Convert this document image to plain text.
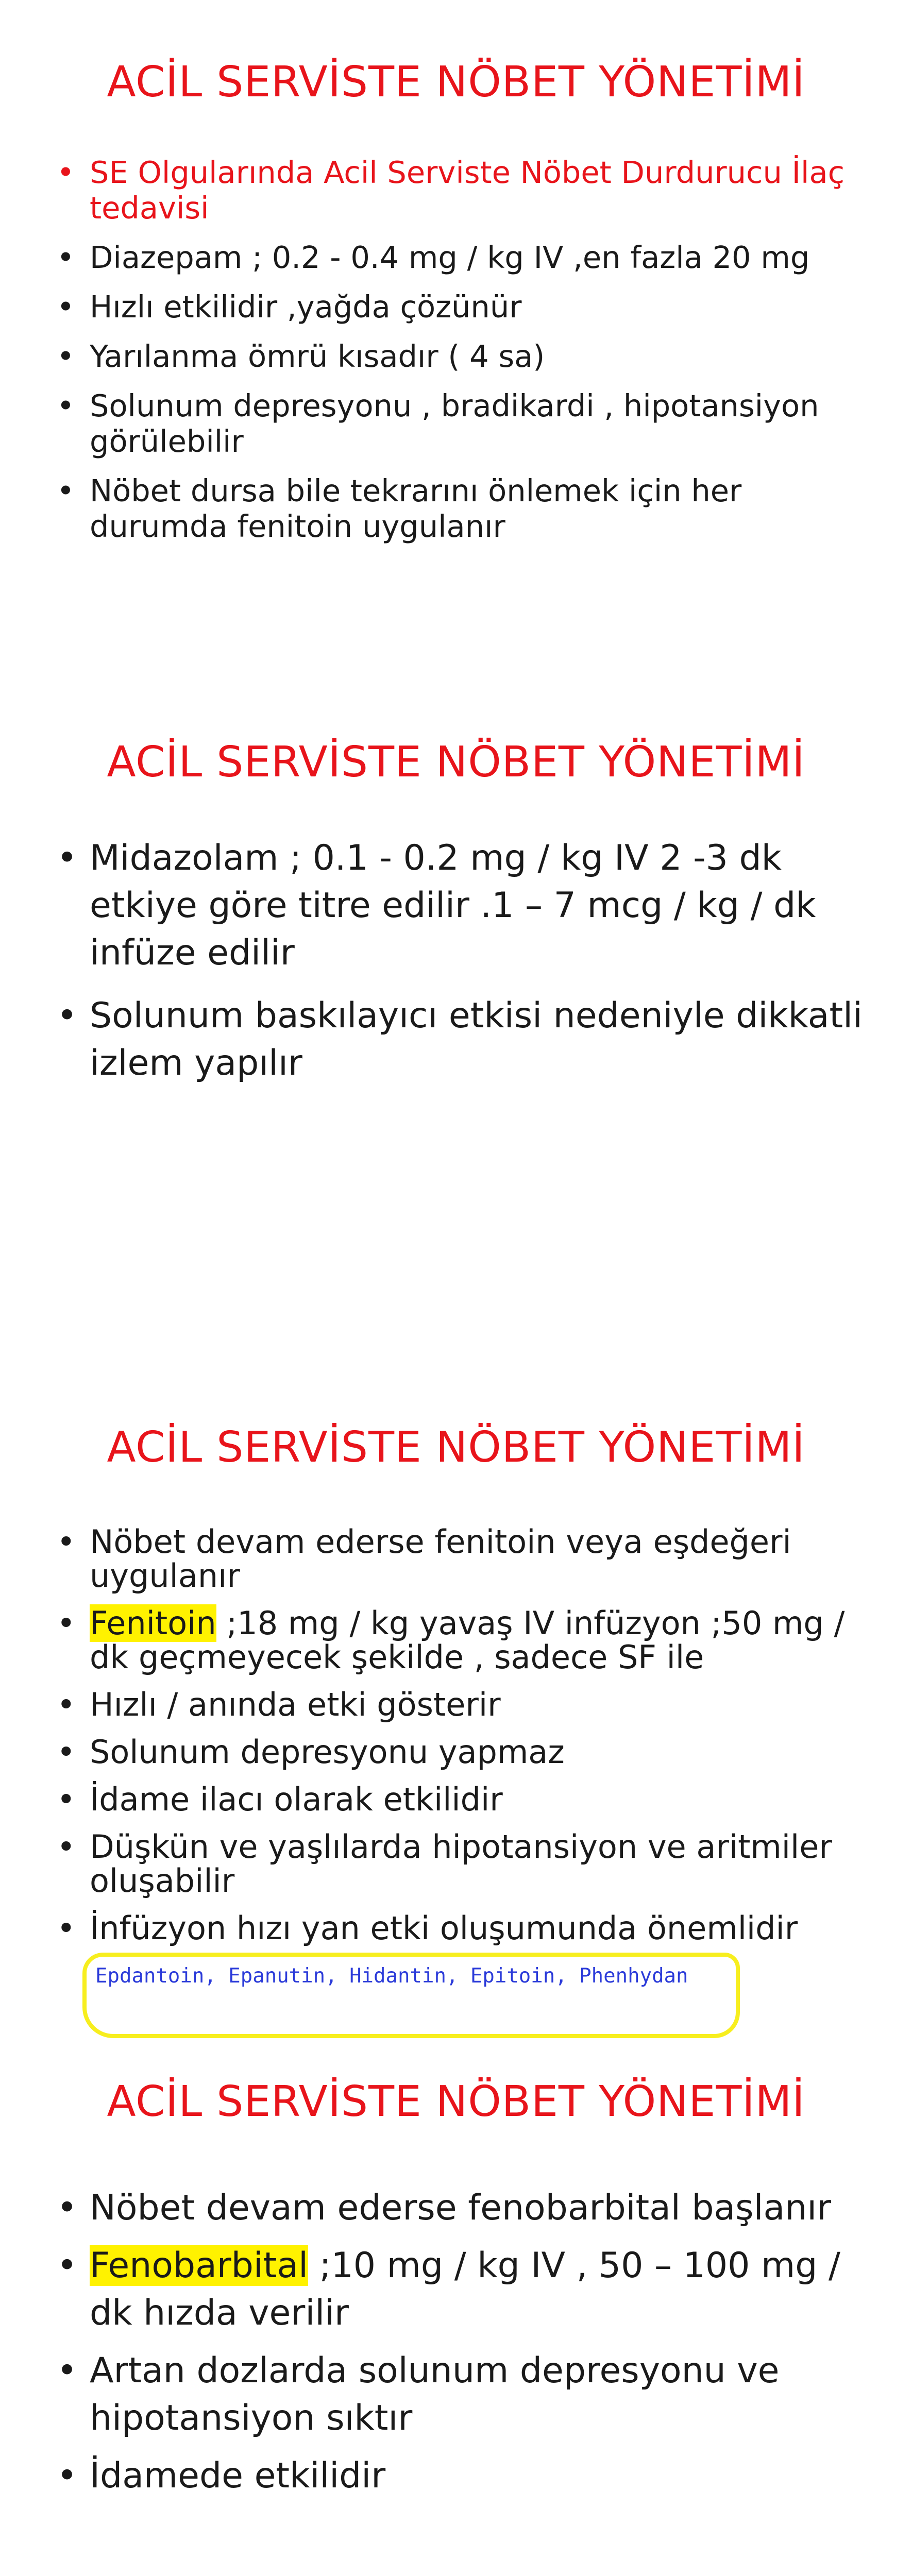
ACİL SERVİSTE NÖBET YÖNETİMİ
• SE Olgularında Acil Serviste Nöbet Durdurucu İlaç tedavisi
• Diazepam ; 0.2 - 0.4 mg / kg IV ,en fazla 20 mg
• Hızlı etkilidir ,yağda çözünür
• Yarılanma ömrü kısadır ( 4 sa)
• Solunum depresyonu , bradikardi , hipotansiyon görülebilir
• Nöbet dursa bile tekrarını önlemek için her durumda fenitoin uygulanır
ACİL SERVİSTE NÖBET YÖNETİMİ
• Midazolam ; 0.1 - 0.2 mg / kg IV 2 -3 dk etkiye göre titre edilir .1 – 7 mcg / kg / dk infüze edilir
• Solunum baskılayıcı etkisi nedeniyle dikkatli izlem yapılır
ACİL SERVİSTE NÖBET YÖNETİMİ
• Nöbet devam ederse fenitoin veya eşdeğeri uygulanır
• Fenitoin ;18 mg / kg yavaş IV infüzyon ;50 mg / dk geçmeyecek şekilde , sadece SF ile
• Hızlı / anında etki gösterir
• Solunum depresyonu yapmaz
• İdame ilacı olarak etkilidir
• Düşkün ve yaşlılarda hipotansiyon ve aritmiler oluşabilir
• İnfüzyon hızı yan etki oluşumunda önemlidir
Epdantoin, Epanutin, Hidantin, Epitoin, Phenhydan
ACİL SERVİSTE NÖBET YÖNETİMİ
• Nöbet devam ederse fenobarbital başlanır
• Fenobarbital ;10 mg / kg IV , 50 – 100 mg / dk hızda verilir
• Artan dozlarda solunum depresyonu ve hipotansiyon sıktır
• İdamede etkilidir
